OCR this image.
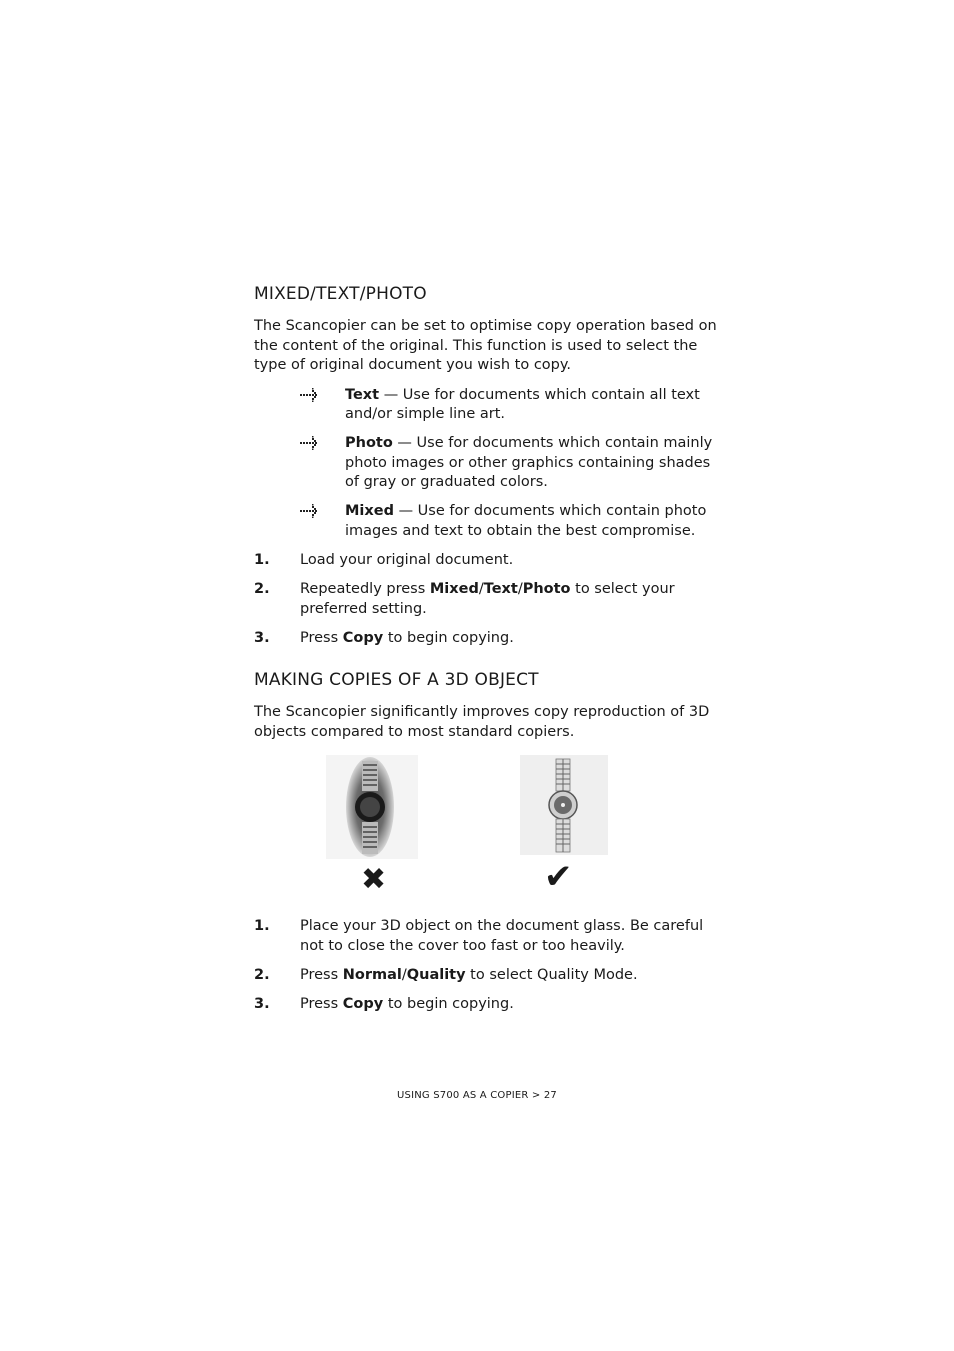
MIXED/TEXT/PHOTO

The Scancopier can be set to optimise copy operation based on the content of the original. This function is used to select the type of original document you wish to copy.

Text — Use for documents which contain all text and/or simple line art.
Photo — Use for documents which contain mainly photo images or other graphics containing shades of gray or graduated colors.
Mixed — Use for documents which contain photo images and text to obtain the best compromise.
1. Load your original document.
2. Repeatedly press Mixed/Text/Photo to select your preferred setting.
3. Press Copy to begin copying.
MAKING COPIES OF A 3D OBJECT

The Scancopier significantly improves copy reproduction of 3D objects compared to most standard copiers.

✖	✔
1. Place your 3D object on the document glass. Be careful not to close the cover too fast or too heavily.
2. Press Normal/Quality to select Quality Mode.
3. Press Copy to begin copying.
USING S700 AS A COPIER > 27
